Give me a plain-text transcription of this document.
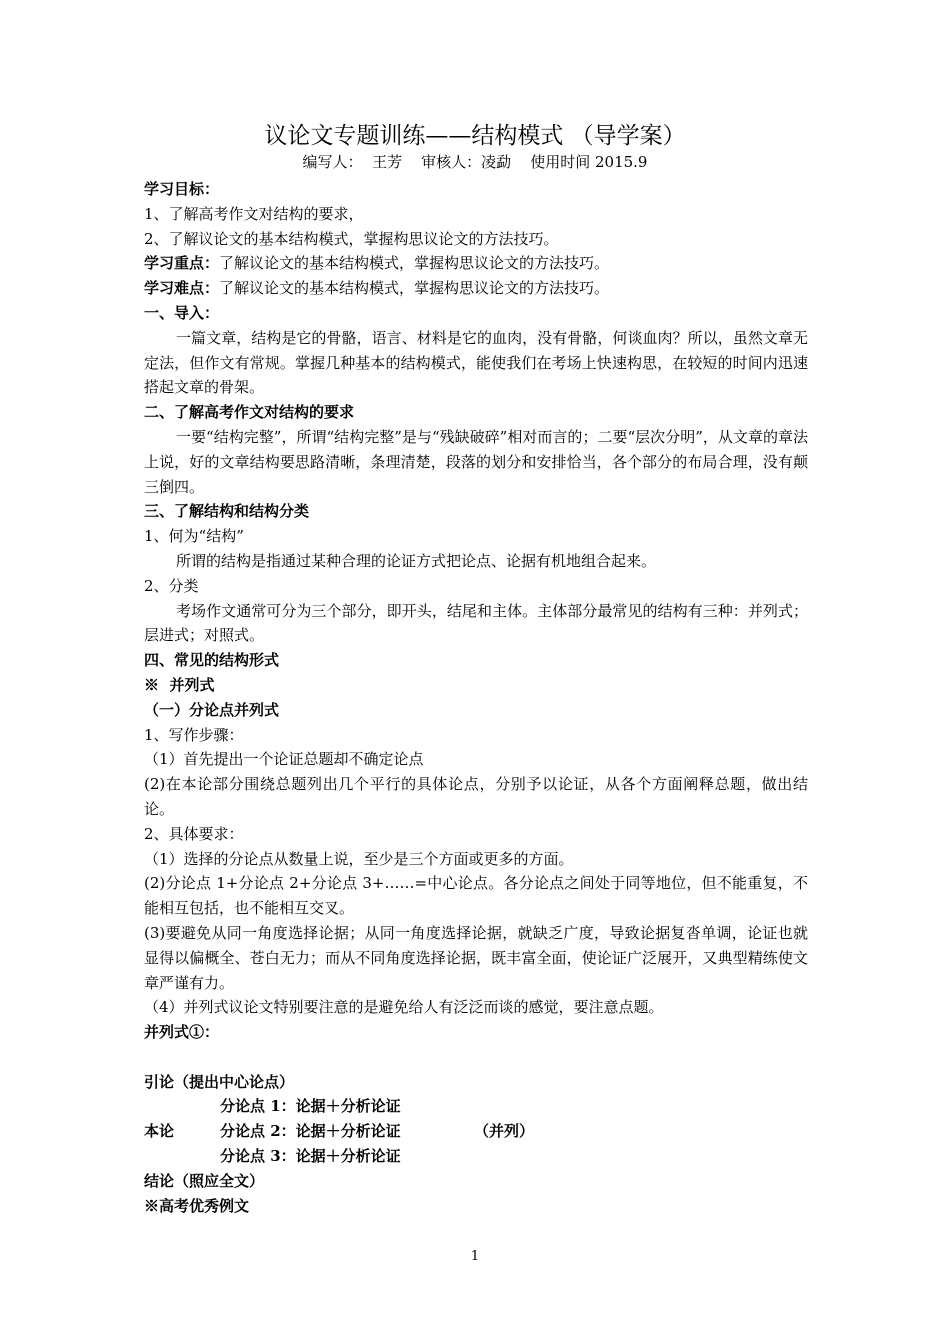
议论文专题训练——结构模式 （导学案）
编写人：  王芳    审核人：凌勐    使用时间 2015.9

学习目标：

1、了解高考作文对结构的要求，

2、了解议论文的基本结构模式，掌握构思议论文的方法技巧。

学习重点：了解议论文的基本结构模式，掌握构思议论文的方法技巧。

学习难点：了解议论文的基本结构模式，掌握构思议论文的方法技巧。

一、导入：

一篇文章，结构是它的骨骼，语言、材料是它的血肉，没有骨骼，何谈血肉？所以，虽然文章无定法，但作文有常规。掌握几种基本的结构模式，能使我们在考场上快速构思，在较短的时间内迅速搭起文章的骨架。

二、了解高考作文对结构的要求

一要“结构完整”，所谓“结构完整”是与“残缺破碎”相对而言的；二要“层次分明”，从文章的章法上说，好的文章结构要思路清晰，条理清楚，段落的划分和安排恰当，各个部分的布局合理，没有颠三倒四。

三、了解结构和结构分类

1、何为“结构”

所谓的结构是指通过某种合理的论证方式把论点、论据有机地组合起来。

2、分类

考场作文通常可分为三个部分，即开头，结尾和主体。主体部分最常见的结构有三种：并列式；层进式；对照式。

四、常见的结构形式

※  并列式

（一）分论点并列式

1、写作步骤：

（1）首先提出一个论证总题却不确定论点

(2)在本论部分围绕总题列出几个平行的具体论点，分别予以论证，从各个方面阐释总题，做出结论。

2、具体要求：

（1）选择的分论点从数量上说，至少是三个方面或更多的方面。

(2)分论点 1+分论点 2+分论点 3+……=中心论点。各分论点之间处于同等地位，但不能重复，不能相互包括，也不能相互交叉。

(3)要避免从同一角度选择论据；从同一角度选择论据，就缺乏广度，导致论据复沓单调，论证也就显得以偏概全、苍白无力；而从不同角度选择论据，既丰富全面，使论证广泛展开，又典型精练使文章严谨有力。

（4）并列式议论文特别要注意的是避免给人有泛泛而谈的感觉，要注意点题。

并列式①：

引论（提出中心论点）
分论点 1：论据＋分析论证
本论	分论点 2：论据＋分析论证	（并列）
分论点 3：论据＋分析论证
结论（照应全文）
※高考优秀例文
1
